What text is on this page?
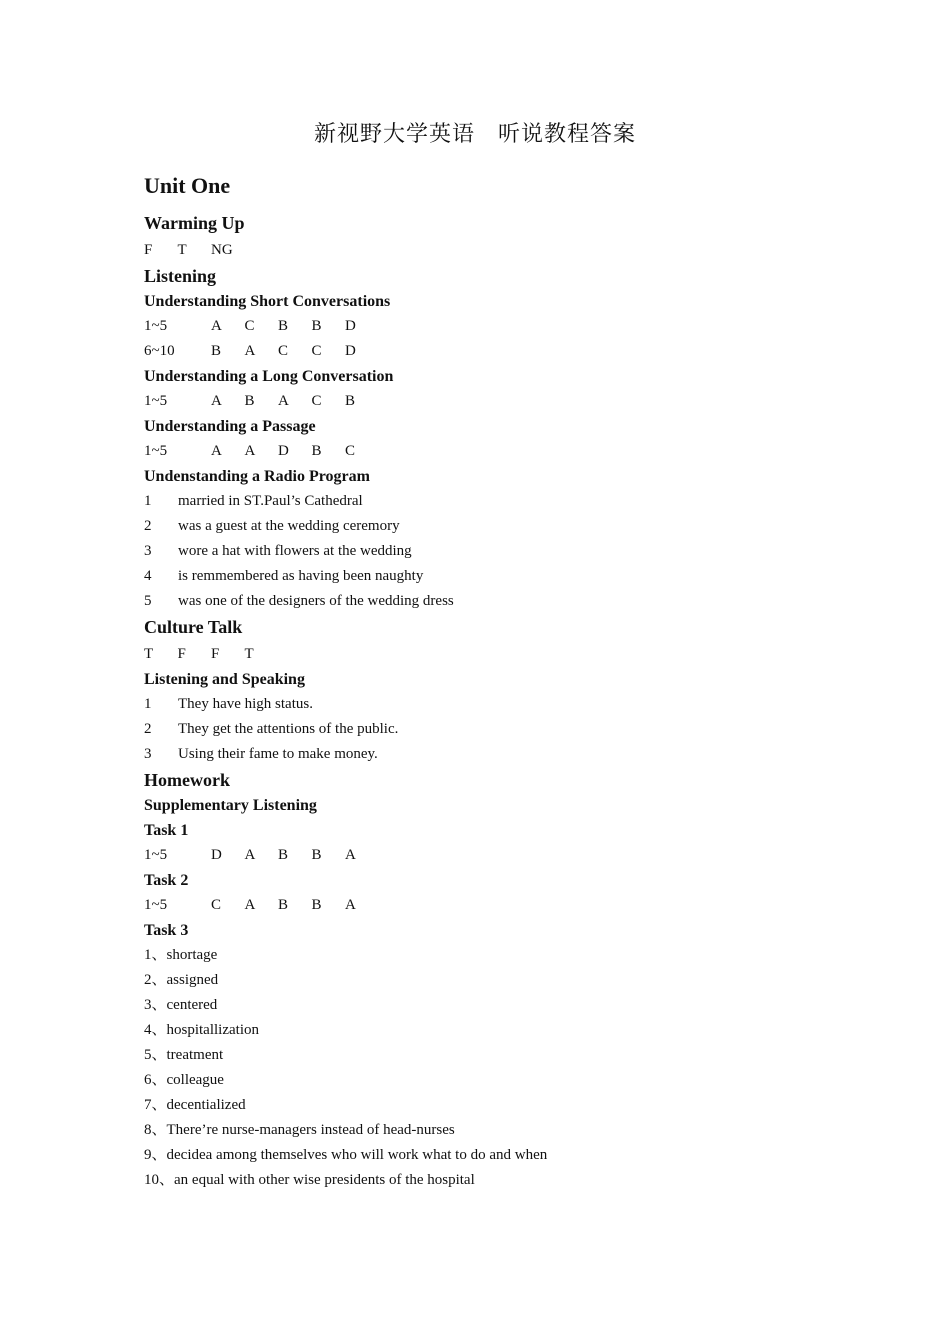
新视野大学英语　听说教程答案
Unit One
Warming Up
F T NG
Listening
Understanding Short Conversations
1~5	A C B B D
6~10 B A C C D
Understanding a Long Conversation
1~5	A B A C B
Understanding a Passage
1~5	A A D B C
Undenstanding a Radio Program
1 married in ST.Paul’s Cathedral
2 was a guest at the wedding ceremory
3 wore a hat with flowers at the wedding
4 is remmembered as having been naughty
5 was one of the designers of the wedding dress
Culture Talk
T F F T
Listening and Speaking
1 They have high status.
2 They get the attentions of the public.
3 Using their fame to make money.
Homework
Supplementary Listening
Task 1
1~5	D A B B A
Task 2
1~5	C A B B A
Task 3
1、shortage
2、assigned
3、centered
4、hospitallization
5、treatment
6、colleague
7、decentialized
8、There’re nurse-managers instead of head-nurses
9、decidea among themselves who will work what to do and when
10、an equal with other wise presidents of the hospital
